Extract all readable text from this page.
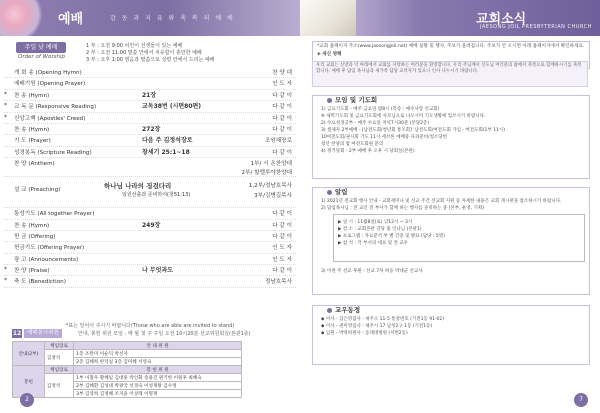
예배	감 동 과 지 유 와 축 복 의 예 배
주일 낮 예배
Order of Worship
1 부 : 오전 9:00 어린이 선생들이 있는 예배
2 부 : 오전 11:00 말씀 안에서 치유함이 충만한 예배
3 부 : 오후 1:00 영음과 말씀으로 성령 안에서 드리는 예배
개 회 송 (Opening Hymn)	찬 양 대
예배기원 (Opening Prayer)	인 도 자
* 찬 송 (Hymn)	21장	다 같 이
* 교 독 문 (Responsive Reading)	교독38번 (시편80편)	다 같 이
* 신앙고백 (Apostles' Creed)	다 같 이
찬 송 (Hymn)	272장	다 같 이
기 도 (Prayer)	다음 주 김정석장로	조원해장로
성경봉독 (Scripture Reading)	창세기 25:1~18	다 같 이
찬 양 (Anthem)	1부/ 시 온찬양대
2부/ 할렐루야찬양대
설 교 (Preaching)	하나님 나라의 징검다리
임원선출과 준비하여(창51:13)
1,2부/정남호목사
3부/김병길목사
통성기도 (All together Prayer)	다 같 이
찬 송 (Hymn)	249장	다 같 이
헌 금 (Offering)	다 같 이
헌금기도 (Offering Prayer)	인 도 자
광 고 (Announcements)	인 도 자
* 찬 양 (Praise)	나 무엇과도	다 같 이
* 축 도 (Benediction)	정남호목사
*표는 일어서 주시기 바랍니다(Those who are able are invited to stand)
12	예배봉사위원	안내, 봉헌 위원 모임 : 매 월 첫 주 주일 오전 10시20분 선교위원회실(본관1층)
안내(2부)	책임장로	안 내 위 원
	김정석	1층 조완미 이순덕 박선자
		2층 김혜희 한덕실 3층 김미혜 서영숙
봉헌	책임장로	봉 헌 위 원
	김정석	1부 이철우 황혜일 김대홍 박인화 송용진 원기한 이원후 최혜숙
		2부 김혜환 김성대 박광국 선경숙 이성재왕 김수정
		3부 김영희 김정혜 조지윤 이상래 이명재
2
교회소식
JAESONG JOIL PRESBYTERIAN CHURCH
*교회 홈페이지 주소(www.jaesongjoil.net) 예배 실황 및 행사, 주보가 올려집니다. 주보가 안 오시면 아래 홈페이지에서 확인하세요.
◈ 새신 영해
우리 교회는 신앙과 덕 아래에서 교회를 사랑하는 여러분을 환영합니다. 우리 주님께서 신도님 여러분의 삶에서 축복으로 함께하시기를 축복합니다. 예배 후 담임 목사님과 새가족 담당 교역자가 있으니 인사 나누시기 바랍니다.
모임 및 기도회
1) 금요기도회 - 매주 금요일 밤8시 (특송 : 예수사랑 선교회)
※ 새벽기도회 및 금요기도회에 사모님으로 나오시어 기도생활에 힘쓰시기 바랍니다.
2) 수요성경공부 - 매주 수요일 저녁7시30분 (본당2층)
3) 셀제자 2부예배 - [남전도회/청년회 통조회] '남전도회/여전도회 가입 - 여전도회(1부 11시)
10여전도회/권사회 기도 11시 세브론 예배중 다과준비/청소당번
청년 찬양의 밤 여전도회원 문의
4) 정기당회 - 2부 예배 후 오후 시 당회실(본관)
알림
1) 2021년 전교회 행사 안내 - 교회세미나 및 선교 주간 선교회 지원 등 자세한 내용은 교회 게시판을 참조하시기 바랍니다.
2) 담임목사님 : 전 교인 전 부서가 함께 하는 행사를 준비하는 중 (본부, 운영, 기획)
▶ 일 시 : 11월8일(토) 낮12시 ~ 3시
▶ 장 소 : 교회본관 강당 및 언나님 (본관1)
▶ 프로그램 : 자료분석 부 별 간증 및 발표 (담당 : 5명)
▶ 참 석 : 각 부서의 대표 및 전 교우
3) 이번 주 선교 후원 : 선교 7차 하동 박대균 선교사
교우동정
◆ 이사 - 김은영집사 : 새주소 11-5 통장번호 (기전1동 91-02)
◆ 이사 - 권미영집사 : 제주시 17 남성2구 1동 (기전1동)
◆ 입원 - 박영희권사 : 동래대병원 (서면2동)
7
